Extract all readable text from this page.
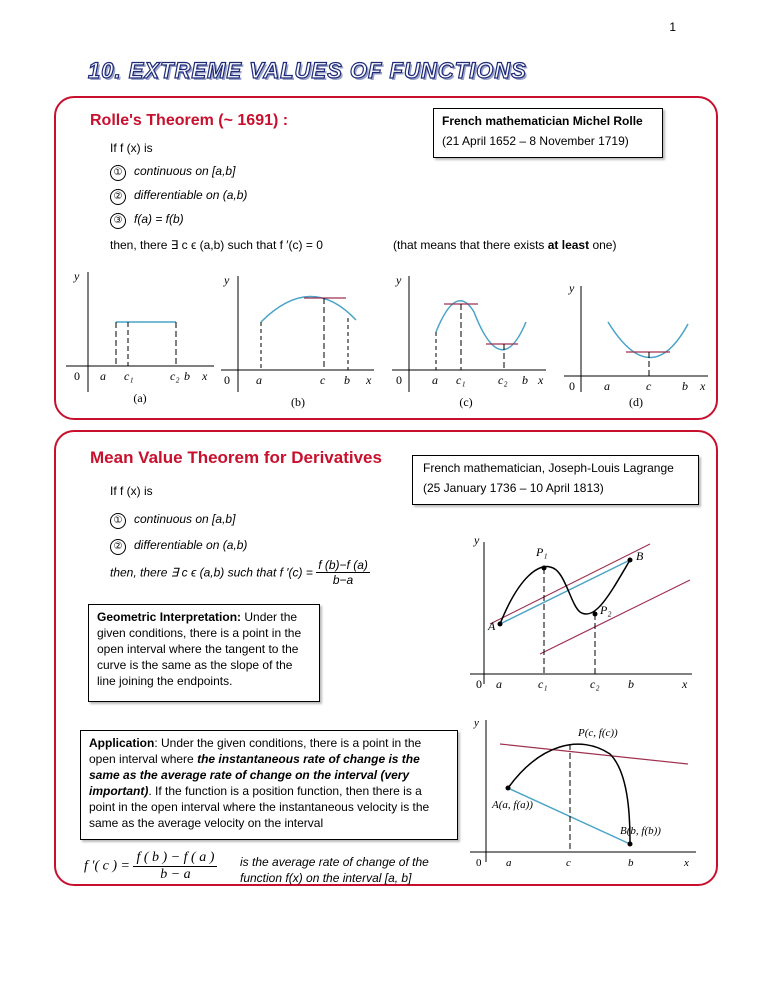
1
10. EXTREME VALUES OF FUNCTIONS
Rolle's Theorem (~ 1691) :	French mathematician Michel Rolle
(21 April 1652 – 8 November 1719)
If f (x) is
① continuous on [a,b]
② differentiable on (a,b)
③ f(a) = f(b)
then, there ∃ c ϵ (a,b) such that f ′(c) = 0	(that means that there exists at least one)
y
0 a c₁	c₂ b x
y
0 a	c b x
y
0	a c₁	c₂ b x
y
0 a	c	b x
(a)	(b)	(c)	(d)
Mean Value Theorem for Derivatives
French mathematician, Joseph-Louis Lagrange
(25 January 1736 – 10 April 1813)
If f (x) is
① continuous on [a,b]
② differentiable on (a,b)
then, there ∃ c ϵ (a,b) such that f $'(c) = \frac{f (b)-f (a)}{b-a}$
Geometric Interpretation: Under the given conditions, there is a point in the open interval where the tangent to the curve is the same as the slope of the line joining the endpoints.
Application: Under the given conditions, there is a point in the open interval where the instantaneous rate of change is the same as the average rate of change on the interval (very important). If the function is a position function, then there is a point in the open interval where the instantaneous velocity is the same as the average velocity on the interval
f ′( c ) = $\frac{f ( b ) - f ( a )}{b - a}$ is the average rate of change of the function f(x) on the interval [a, b]
y
P₁
P₂
A
B
0 a	c₁	c₂ b	x
y
P(c, f(c))
A(a, f(a))
B(b, f(b))
0 a	c	b	x
